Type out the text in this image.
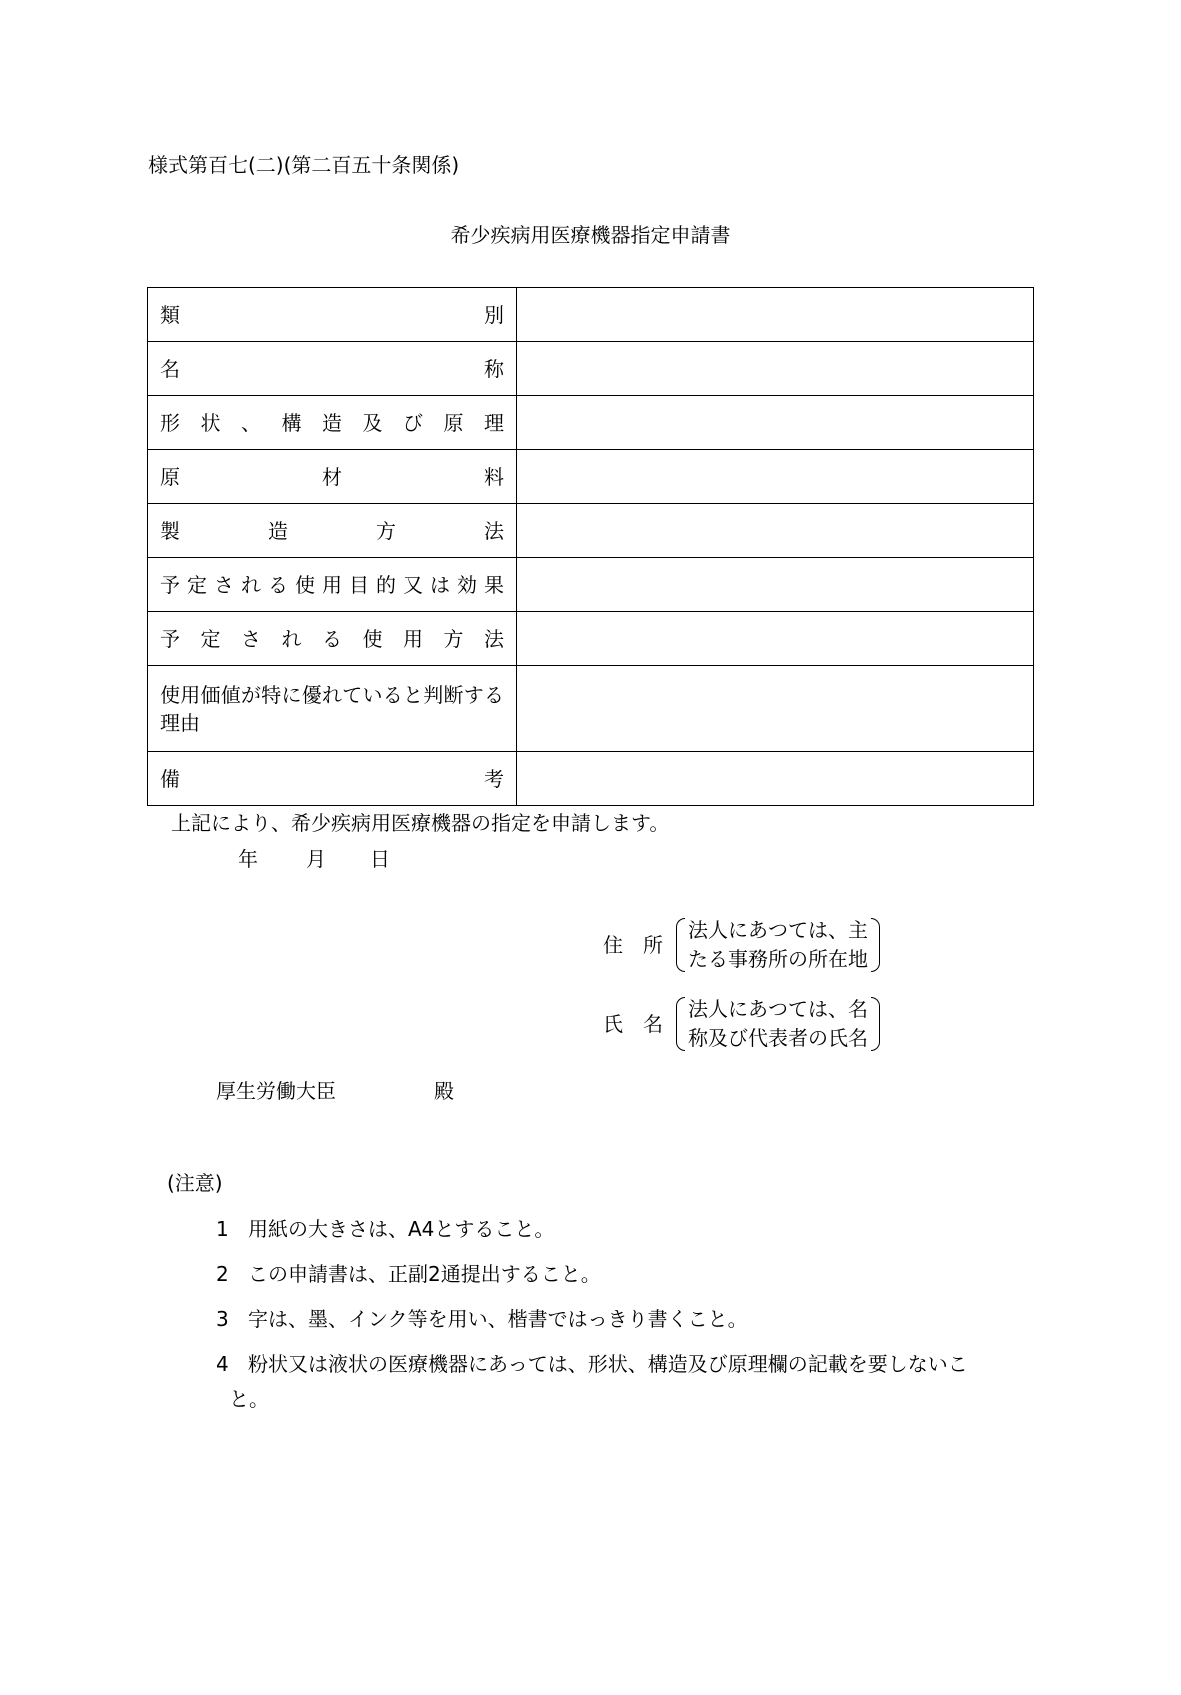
様式第百七(二)(第二百五十条関係)
希少疾病用医療機器指定申請書
類別	
名称	
形状、構造及び原理	
原材料	
製造方法	
予定される使用目的又は効果	
予定される使用方法	
使用価値が特に優れていると判断する理由	
備考	
上記により、希少疾病用医療機器の指定を申請します。
年 月 日
住　所
法人にあつては、主
たる事務所の所在地
氏　名
法人にあつては、名
称及び代表者の氏名
厚生労働大臣	殿
(注意)
1 用紙の大きさは、A4とすること。
2 この申請書は、正副2通提出すること。
3 字は、墨、インク等を用い、楷書ではっきり書くこと。
4 粉状又は液状の医療機器にあっては、形状、構造及び原理欄の記載を要しないこ
と。
